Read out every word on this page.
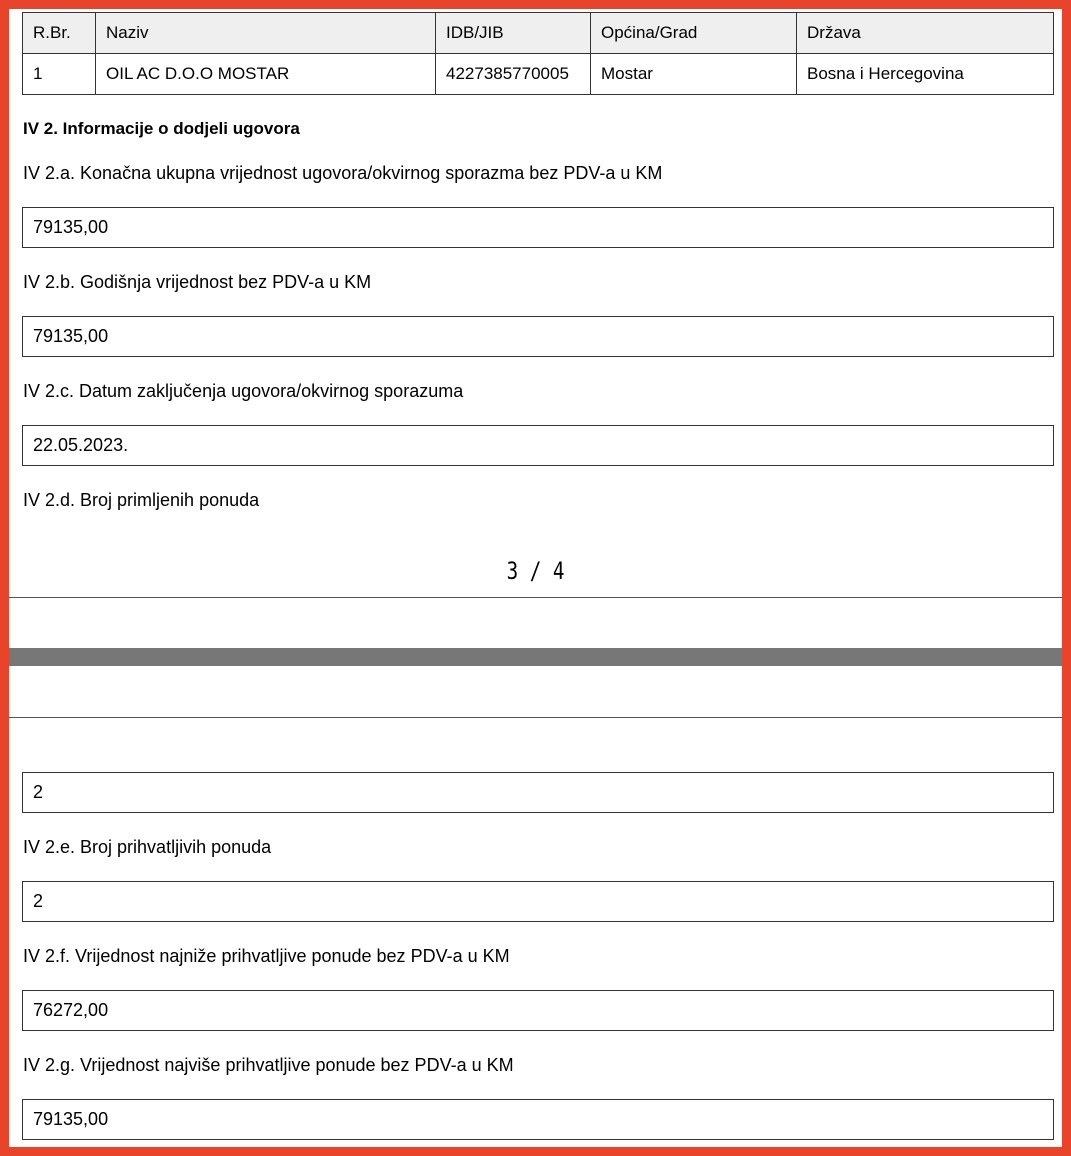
R.Br.	Naziv	IDB/JIB	Općina/Grad	Država
1	OIL AC D.O.O MOSTAR	4227385770005	Mostar	Bosna i Hercegovina
IV 2. Informacije o dodjeli ugovora
IV 2.a. Konačna ukupna vrijednost ugovora/okvirnog sporazma bez PDV-a u KM
79135,00
IV 2.b. Godišnja vrijednost bez PDV-a u KM
79135,00
IV 2.c. Datum zaključenja ugovora/okvirnog sporazuma
22.05.2023.
IV 2.d. Broj primljenih ponuda
3 / 4
2
IV 2.e. Broj prihvatljivih ponuda
2
IV 2.f. Vrijednost najniže prihvatljive ponude bez PDV-a u KM
76272,00
IV 2.g. Vrijednost najviše prihvatljive ponude bez PDV-a u KM
79135,00
